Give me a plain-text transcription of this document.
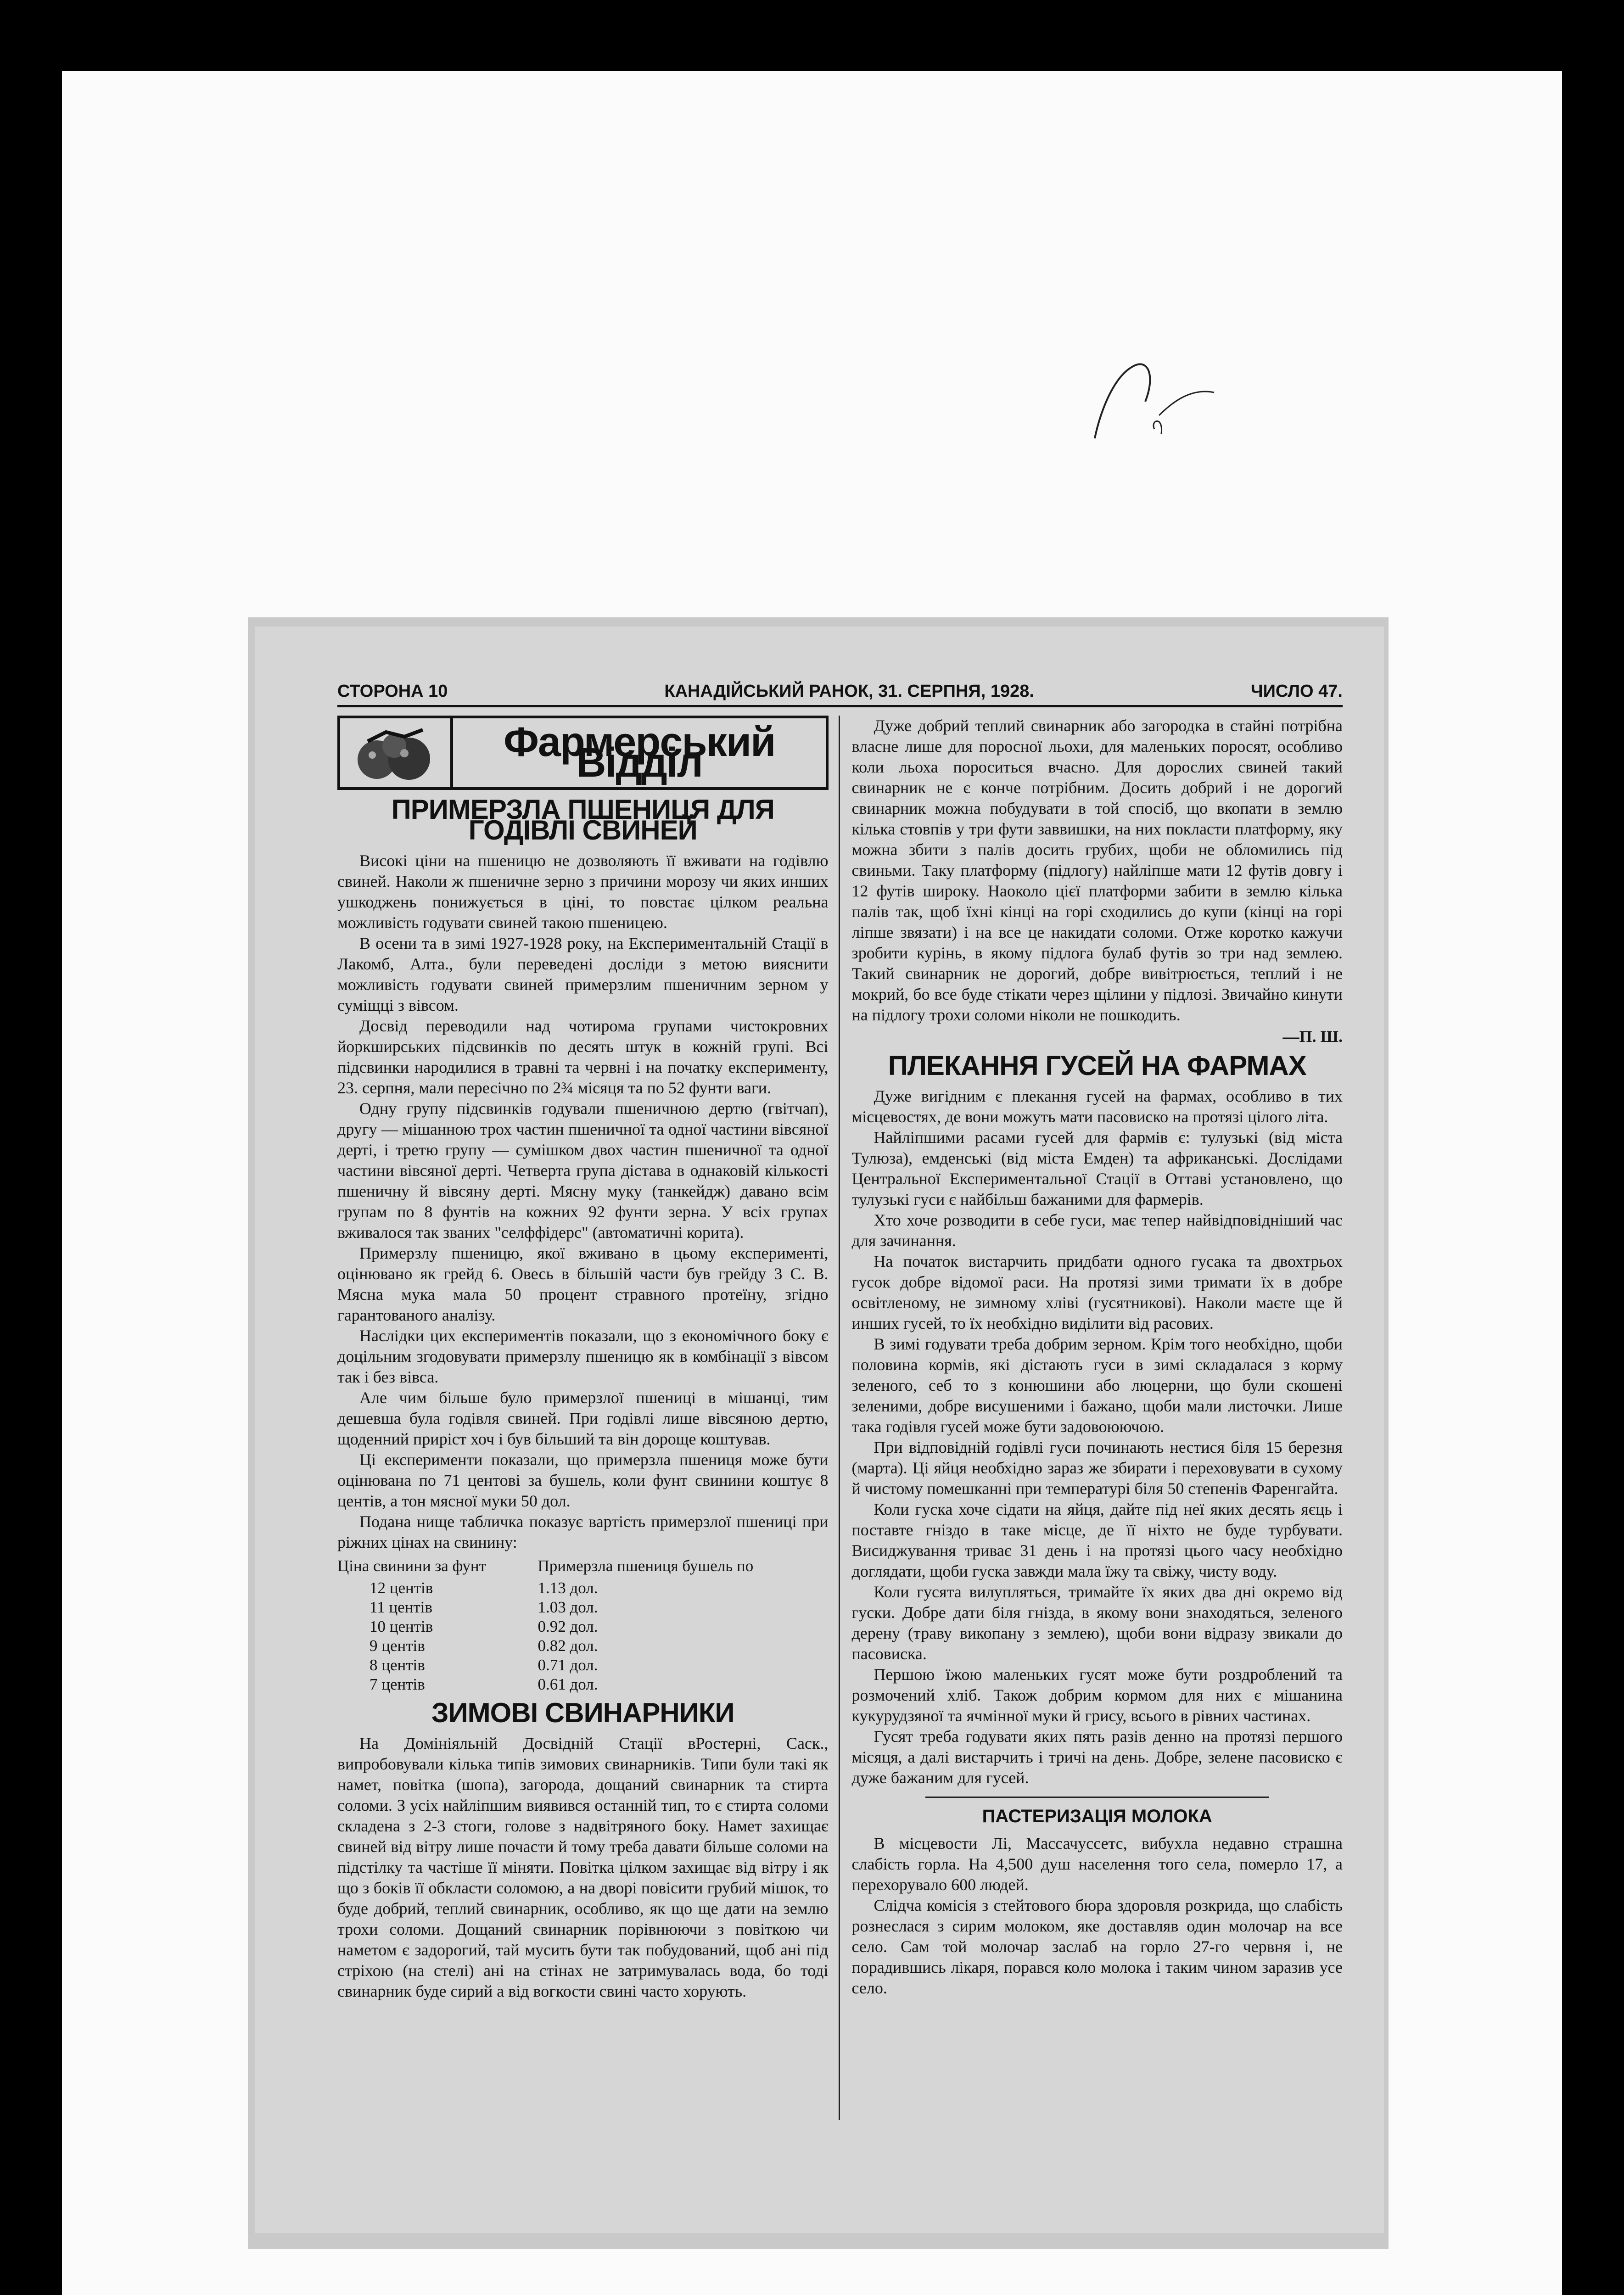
СТОРОНА 10	КАНАДІЙСЬКИЙ РАНОК, 31. СЕРПНЯ, 1928.	ЧИСЛО 47.
Фармерський Відділ
ПРИМЕРЗЛА ПШЕНИЦЯ ДЛЯ ГОДІВЛІ СВИНЕЙ

Високі ціни на пшеницю не дозволяють її вживати на годівлю свиней. Наколи ж пшеничне зерно з причини морозу чи яких инших ушкоджень понижується в ціні, то повстає цілком реальна можливість годувати свиней такою пшеницею.

В осени та в зимі 1927-1928 року, на Експериментальній Стації в Лакомб, Алта., були переведені досліди з метою вияснити можливість годувати свиней примерзлим пшеничним зерном у суміщці з вівсом.

Досвід переводили над чотирома групами чистокровних йоркширських підсвинків по десять штук в кожній групі. Всі підсвинки народилися в травні та червні і на початку експерименту, 23. серпня, мали пересічно по 2¾ місяця та по 52 фунти ваги.

Одну групу підсвинків годували пшеничною дертю (гвітчап), другу — мішанною трох частин пшеничної та одної частини вівсяної дерті, і третю групу — сумішком двох частин пшеничної та одної частини вівсяної дерті. Четверта група дістава в однаковій кількості пшеничну й вівсяну дерті. Мясну муку (танкейдж) давано всім групам по 8 фунтів на кожних 92 фунти зерна. У всіх групах вживалося так званих "селффідерс" (автоматичні корита).

Примерзлу пшеницю, якої вживано в цьому експерименті, оцінювано як грейд 6. Овесь в більшій части був грейду 3 С. В. Мясна мука мала 50 процент стравного протеїну, згідно гарантованого аналізу.

Наслідки цих експериментів показали, що з економічного боку є доцільним згодовувати примерзлу пшеницю як в комбінації з вівсом так і без вівса.

Але чим більше було примерзлої пшениці в мішанці, тим дешевша була годівля свиней. При годівлі лише вівсяною дертю, щоденний приріст хоч і був більший та він дороще коштував.

Ці експерименти показали, що примерзла пшениця може бути оцінювана по 71 центові за бушель, коли фунт свинини коштує 8 центів, а тон мясної муки 50 дол.

Подана нище табличка показує вартість примерзлої пшениці при ріжних цінах на свинину:

Ціна свинини за фунт	Примерзла пшениця бушель по
12 центів	1.13 дол.
11 центів	1.03 дол.
10 центів	0.92 дол.
9 центів	0.82 дол.
8 центів	0.71 дол.
7 центів	0.61 дол.
ЗИМОВІ СВИНАРНИКИ

На Домініяльній Досвідній Стації вРостерні, Саск., випробовували кілька типів зимових свинарників. Типи були такі як намет, повітка (шопа), загорода, дощаний свинарник та стирта соломи. З усіх найліпшим виявився останній тип, то є стирта соломи складена з 2-3 стоги, голове з надвітряного боку. Намет захищає свиней від вітру лише почасти й тому треба давати більше соломи на підстілку та частіше її міняти. Повітка цілком захищає від вітру і як що з боків її обкласти соломою, а на дворі повісити грубий мішок, то буде добрий, теплий свинарник, особливо, як що ще дати на землю трохи соломи. Дощаний свинарник порівнюючи з повіткою чи наметом є задорогий, тай мусить бути так побудований, щоб ані під стріхою (на стелі) ані на стінах не затримувалась вода, бо тоді свинарник буде сирий а від вогкости свині часто хорують.

Дуже добрий теплий свинарник або загородка в стайні потрібна власне лише для поросної льохи, для маленьких поросят, особливо коли льоха пороситься вчасно. Для дорослих свиней такий свинарник не є конче потрібним. Досить добрий і не дорогий свинарник можна побудувати в той спосіб, що вкопати в землю кілька стовпів у три фути заввишки, на них покласти платформу, яку можна збити з палів досить грубих, щоби не обломились під свиньми. Таку платформу (підлогу) найліпше мати 12 футів довгу і 12 футів широку. Наоколо цієї платформи забити в землю кілька палів так, щоб їхні кінці на горі сходились до купи (кінці на горі ліпше звязати) і на все це накидати соломи. Отже коротко кажучи зробити курінь, в якому підлога булаб футів зо три над землею. Такий свинарник не дорогий, добре вивітрюється, теплий і не мокрий, бо все буде стікати через щілини у підлозі. Звичайно кинути на підлогу трохи соломи ніколи не пошкодить.

—П. Ш.
ПЛЕКАННЯ ГУСЕЙ НА ФАРМАХ

Дуже вигідним є плекання гусей на фармах, особливо в тих місцевостях, де вони можуть мати пасовиско на протязі цілого літа.

Найліпшими расами гусей для фармів є: тулузькі (від міста Тулюза), емденські (від міста Емден) та африканські. Дослідами Центральної Експериментальної Стації в Оттаві установлено, що тулузькі гуси є найбільш бажаними для фармерів.

Хто хоче розводити в себе гуси, має тепер найвідповідніший час для зачинання.

На початок вистарчить придбати одного гусака та двохтрьох гусок добре відомої раси. На протязі зими тримати їх в добре освітленому, не зимному хліві (гусятникові). Наколи маєте ще й инших гусей, то їх необхідно виділити від расових.

В зимі годувати треба добрим зерном. Крім того необхідно, щоби половина кормів, які дістають гуси в зимі складалася з корму зеленого, себ то з конюшини або люцерни, що були скошені зеленими, добре висушеними і бажано, щоби мали листочки. Лише така годівля гусей може бути задовоюючою.

При відповідній годівлі гуси починають нестися біля 15 березня (марта). Ці яйця необхідно зараз же збирати і переховувати в сухому й чистому помешканні при температурі біля 50 степенів Фаренгайта.

Коли гуска хоче сідати на яйця, дайте під неї яких десять яєць і поставте гніздо в таке місце, де її ніхто не буде турбувати. Висиджування триває 31 день і на протязі цього часу необхідно доглядати, щоби гуска завжди мала їжу та свіжу, чисту воду.

Коли гусята вилупляться, тримайте їх яких два дні окремо від гуски. Добре дати біля гнізда, в якому вони знаходяться, зеленого дерену (траву викопану з землею), щоби вони відразу звикали до пасовиска.

Першою їжою маленьких гусят може бути роздроблений та розмочений хліб. Також добрим кормом для них є мішанина кукурудзяної та ячмінної муки й грису, всього в рівних частинах.

Гусят треба годувати яких пять разів денно на протязі першого місяця, а далі вистарчить і тричі на день. Добре, зелене пасовиско є дуже бажаним для гусей.

ПАСТЕРИЗАЦІЯ МОЛОКА

В місцевости Лі, Массачуссетс, вибухла недавно страшна слабість горла. На 4,500 душ населення того села, померло 17, а перехорувало 600 людей.

Слідча комісія з стейтового бюра здоровля розкрида, що слабість рознеслася з сирим молоком, яке доставляв один молочар на все село. Сам той молочар заслаб на горло 27-го червня і, не порадившись лікаря, порався коло молока і таким чином заразив усе село.
